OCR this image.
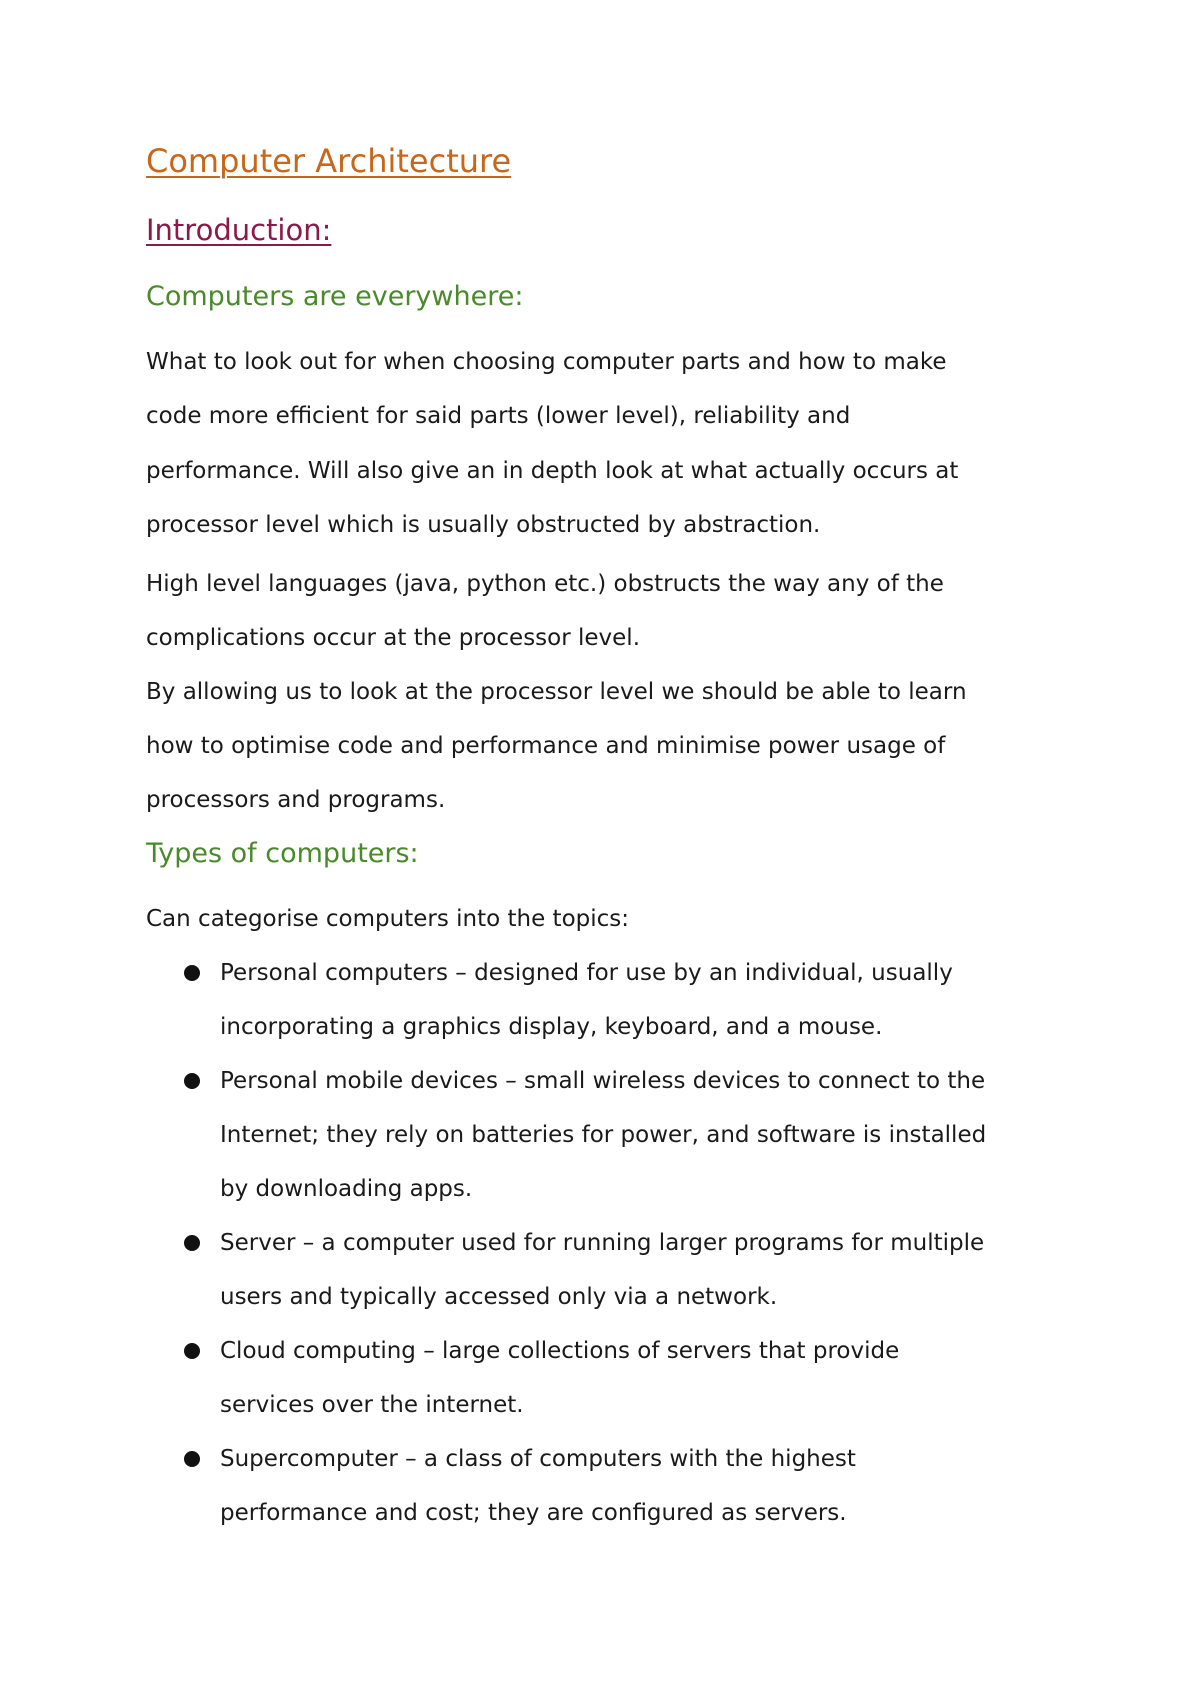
Computer Architecture
Introduction:
Computers are everywhere:
What to look out for when choosing computer parts and how to make
code more efficient for said parts (lower level), reliability and
performance. Will also give an in depth look at what actually occurs at
processor level which is usually obstructed by abstraction.
High level languages (java, python etc.) obstructs the way any of the
complications occur at the processor level.
By allowing us to look at the processor level we should be able to learn
how to optimise code and performance and minimise power usage of
processors and programs.
Types of computers:
Can categorise computers into the topics:
Personal computers – designed for use by an individual, usually
incorporating a graphics display, keyboard, and a mouse.
Personal mobile devices – small wireless devices to connect to the
Internet; they rely on batteries for power, and software is installed
by downloading apps.
Server – a computer used for running larger programs for multiple
users and typically accessed only via a network.
Cloud computing – large collections of servers that provide
services over the internet.
Supercomputer – a class of computers with the highest
performance and cost; they are configured as servers.
